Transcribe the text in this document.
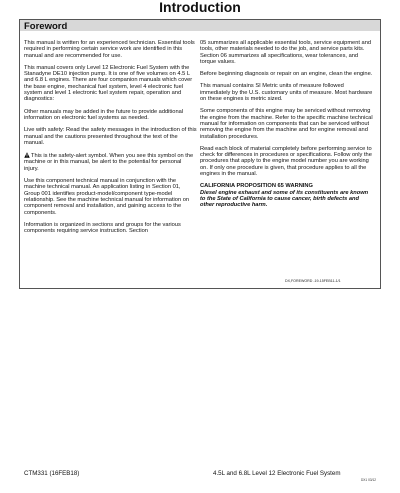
Introduction
Foreword

This manual is written for an experienced technician. Essential tools required in performing certain service work are identified in this manual and are recommended for use.

This manual covers only Level 12 Electronic Fuel System with the Stanadyne DE10 injection pump. It is one of five volumes on 4.5 L and 6.8 L engines. There are four companion manuals which cover the base engine, mechanical fuel system, level 4 electronic fuel system and level 1 electronic fuel system repair, operation and diagnostics:

Other manuals may be added in the future to provide additional information on electronic fuel systems as needed.

Live with safety: Read the safety messages in the introduction of this manual and the cautions presented throughout the text of the manual.

This is the safety-alert symbol. When you see this symbol on the machine or in this manual, be alert to the potential for personal injury.

Use this component technical manual in conjunction with the machine technical manual. An application listing in Section 01, Group 001 identifies product-model/component type-model relationship. See the machine technical manual for information on component removal and installation, and gaining access to the components.

Information is organized in sections and groups for the various components requiring service instruction. Section

05 summarizes all applicable essential tools, service equipment and tools, other materials needed to do the job, and service parts kits. Section 06 summarizes all specifications, wear tolerances, and torque values.

Before beginning diagnosis or repair on an engine, clean the engine.

This manual contains SI Metric units of measure followed immediately by the U.S. customary units of measure. Most hardware on these engines is metric sized.

Some components of this engine may be serviced without removing the engine from the machine. Refer to the specific machine technical manual for information on components that can be serviced without removing the engine from the machine and for engine removal and installation procedures.

Read each block of material completely before performing service to check for differences in procedures or specifications. Follow only the procedures that apply to the engine model number you are working on. If only one procedure is given, that procedure applies to all the engines in the manual.

CALIFORNIA PROPOSITION 65 WARNING

Diesel engine exhaust and some of its constituents are known to the State of California to cause cancer, birth defects and other reproductive harm.

DX,FOREWORD -19-15FEB11-1/1
CTM331 (16FEB18)	4.5L and 6.8L Level 12 Electronic Fuel System
DX1 03/12
